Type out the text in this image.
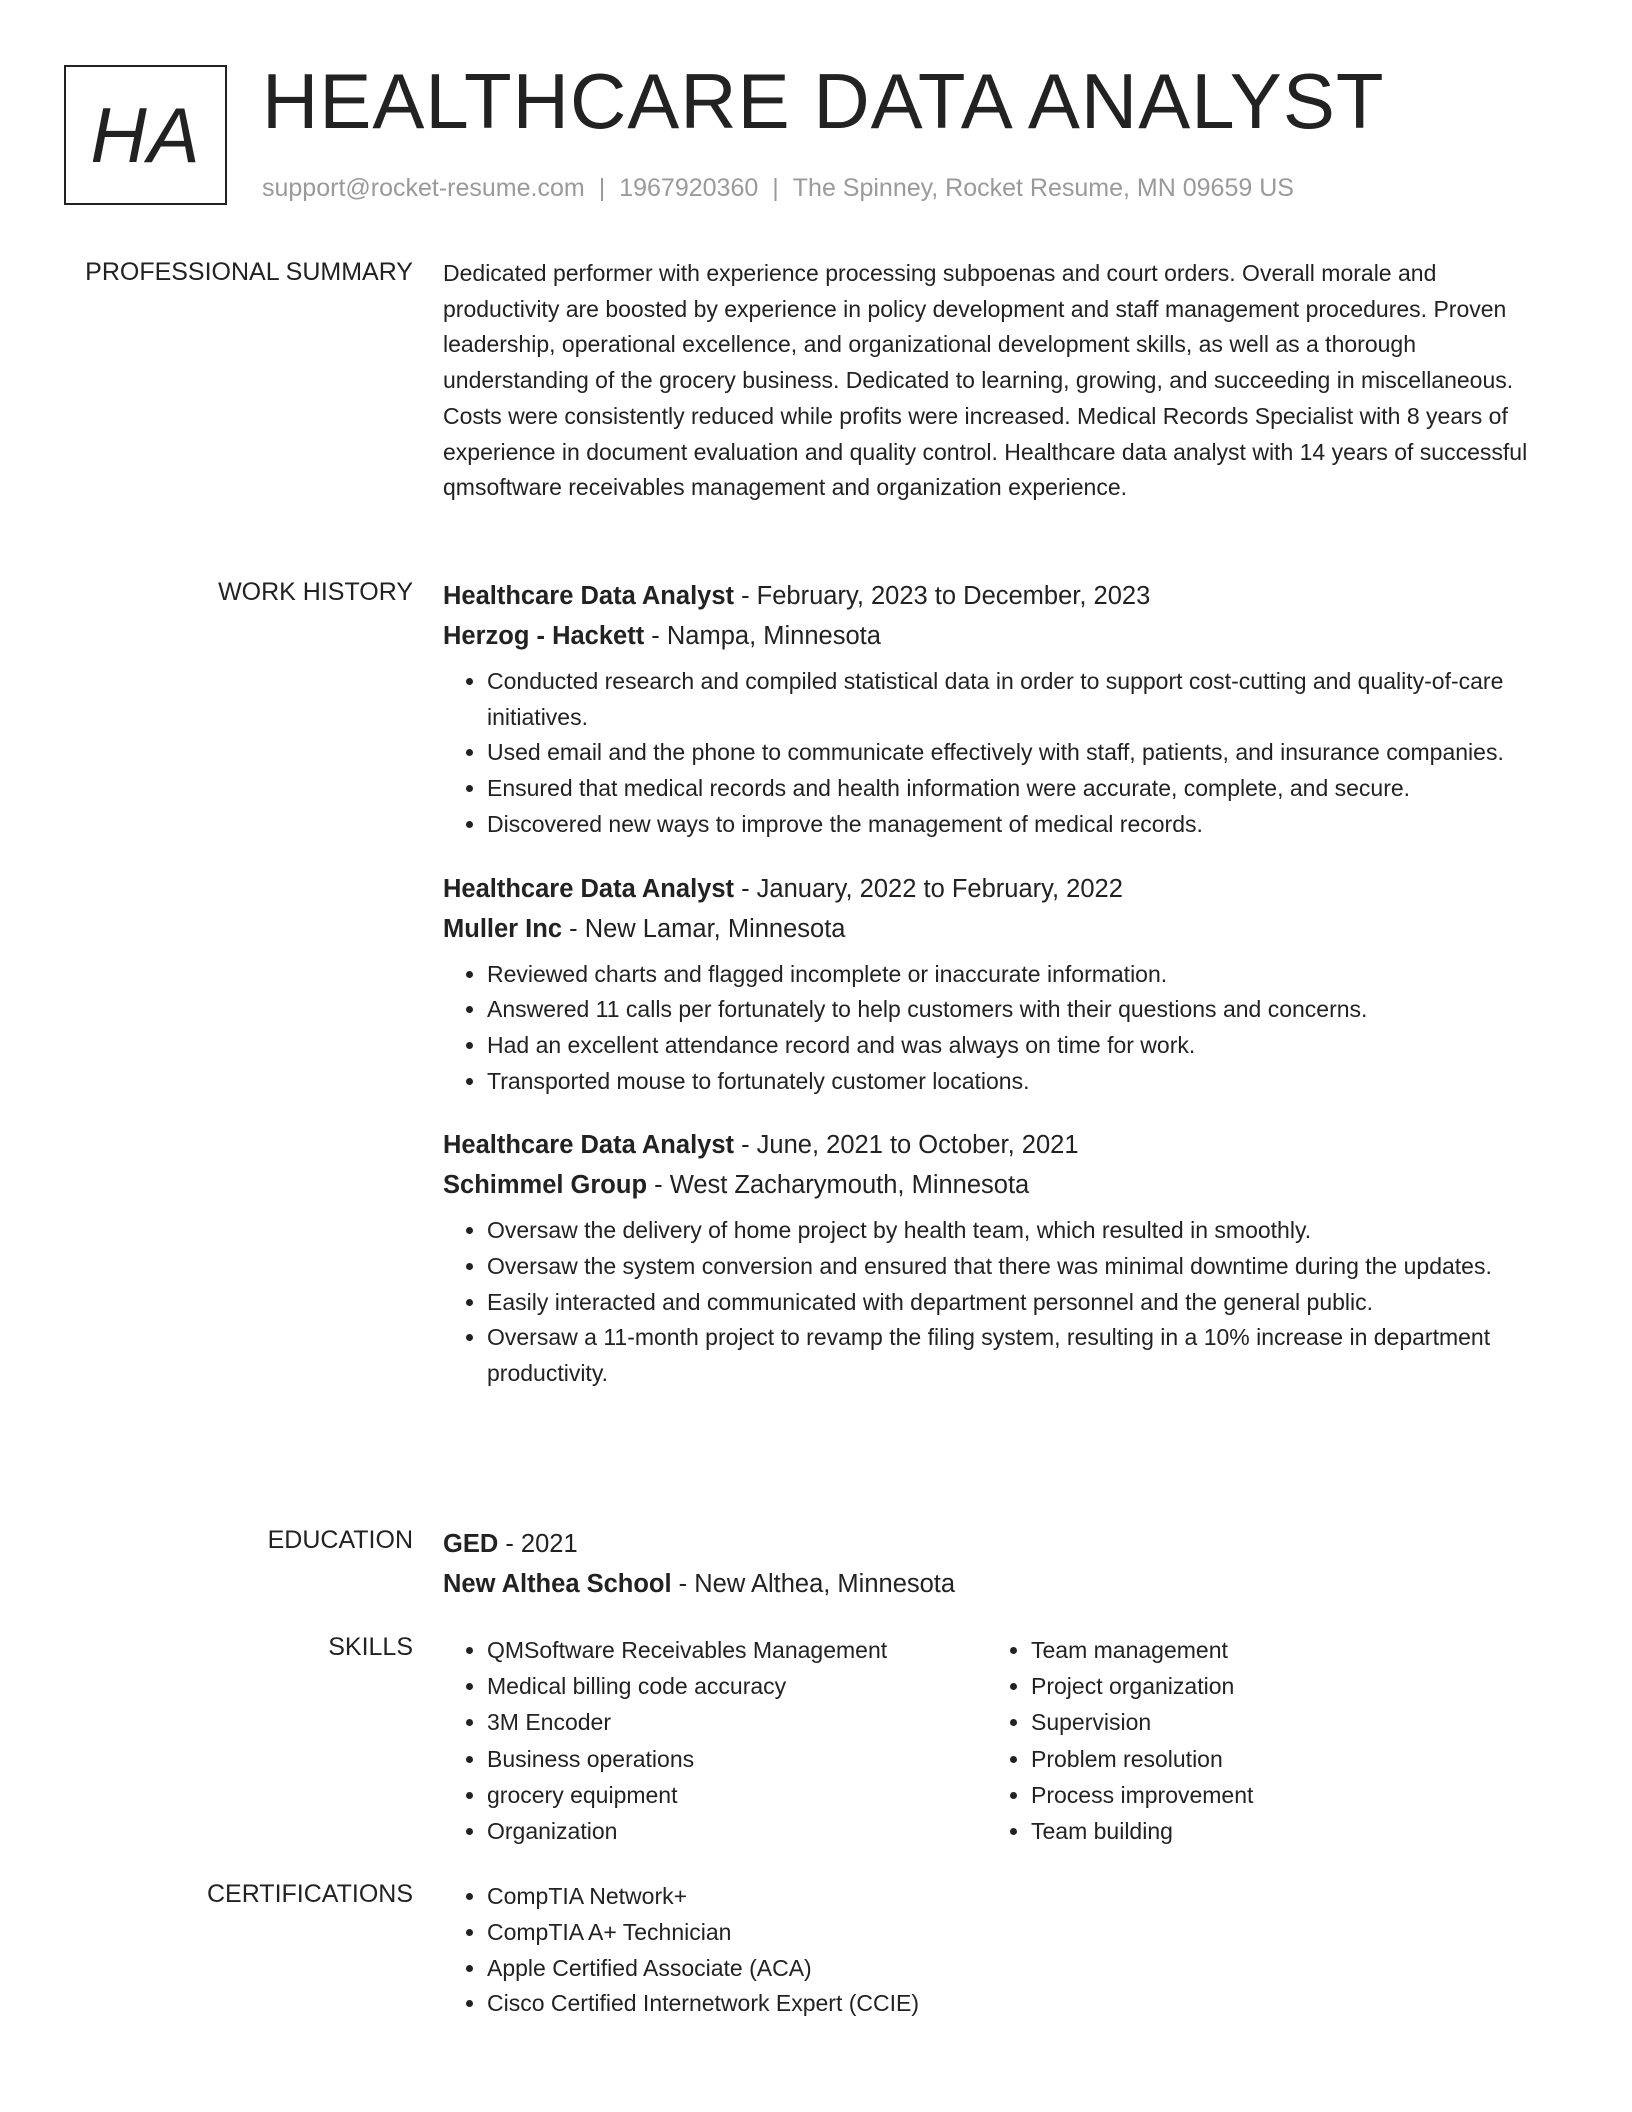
HA HEALTHCARE DATA ANALYST
support@rocket-resume.com | 1967920360 | The Spinney, Rocket Resume, MN 09659 US
PROFESSIONAL SUMMARY Dedicated performer with experience processing subpoenas and court orders. Overall morale and productivity are boosted by experience in policy development and staff management procedures. Proven leadership, operational excellence, and organizational development skills, as well as a thorough understanding of the grocery business. Dedicated to learning, growing, and succeeding in miscellaneous. Costs were consistently reduced while profits were increased. Medical Records Specialist with 8 years of experience in document evaluation and quality control. Healthcare data analyst with 14 years of successful qmsoftware receivables management and organization experience.

WORK HISTORY Healthcare Data Analyst - February, 2023 to December, 2023
Herzog - Hackett - Nampa, Minnesota
• Conducted research and compiled statistical data in order to support cost-cutting and quality-of-care initiatives.
• Used email and the phone to communicate effectively with staff, patients, and insurance companies.
• Ensured that medical records and health information were accurate, complete, and secure.
• Discovered new ways to improve the management of medical records.
Healthcare Data Analyst - January, 2022 to February, 2022
Muller Inc - New Lamar, Minnesota
• Reviewed charts and flagged incomplete or inaccurate information.
• Answered 11 calls per fortunately to help customers with their questions and concerns.
• Had an excellent attendance record and was always on time for work.
• Transported mouse to fortunately customer locations.
Healthcare Data Analyst - June, 2021 to October, 2021
Schimmel Group - West Zacharymouth, Minnesota
• Oversaw the delivery of home project by health team, which resulted in smoothly.
• Oversaw the system conversion and ensured that there was minimal downtime during the updates.
• Easily interacted and communicated with department personnel and the general public.
• Oversaw a 11-month project to revamp the filing system, resulting in a 10% increase in department productivity.
EDUCATION GED - 2021
New Althea School - New Althea, Minnesota
SKILLS	• QMSoftware Receivables Management
• Medical billing code accuracy
• 3M Encoder
• Business operations
• grocery equipment
• Organization
• Team management
• Project organization
• Supervision
• Problem resolution
• Process improvement
• Team building
CERTIFICATIONS	• CompTIA Network+
• CompTIA A+ Technician
• Apple Certified Associate (ACA)
• Cisco Certified Internetwork Expert (CCIE)
